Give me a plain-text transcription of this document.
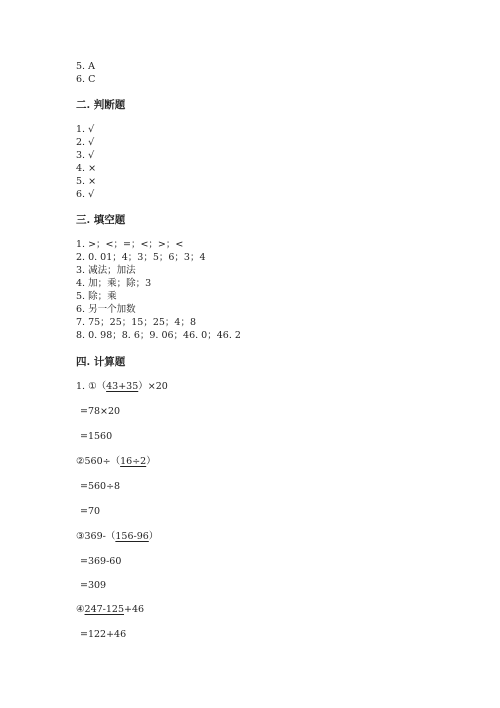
5. A
6. C
二. 判断题
1. √
2. √
3. √
4. ×
5. ×
6. √
三. 填空题
1. >；<；=；<；>；<
2. 0. 01；4；3；5；6；3；4
3. 减法；加法
4. 加；乘；除；3
5. 除；乘
6. 另一个加数
7. 75；25；15；25；4；8
8. 0. 98；8. 6；9. 06；46. 0；46. 2
四. 计算题
1. ①（43+35）×20
=78×20
=1560
②560÷（16÷2）
=560÷8
=70
③369-（156-96）
=369-60
=309
④247-125+46
=122+46
